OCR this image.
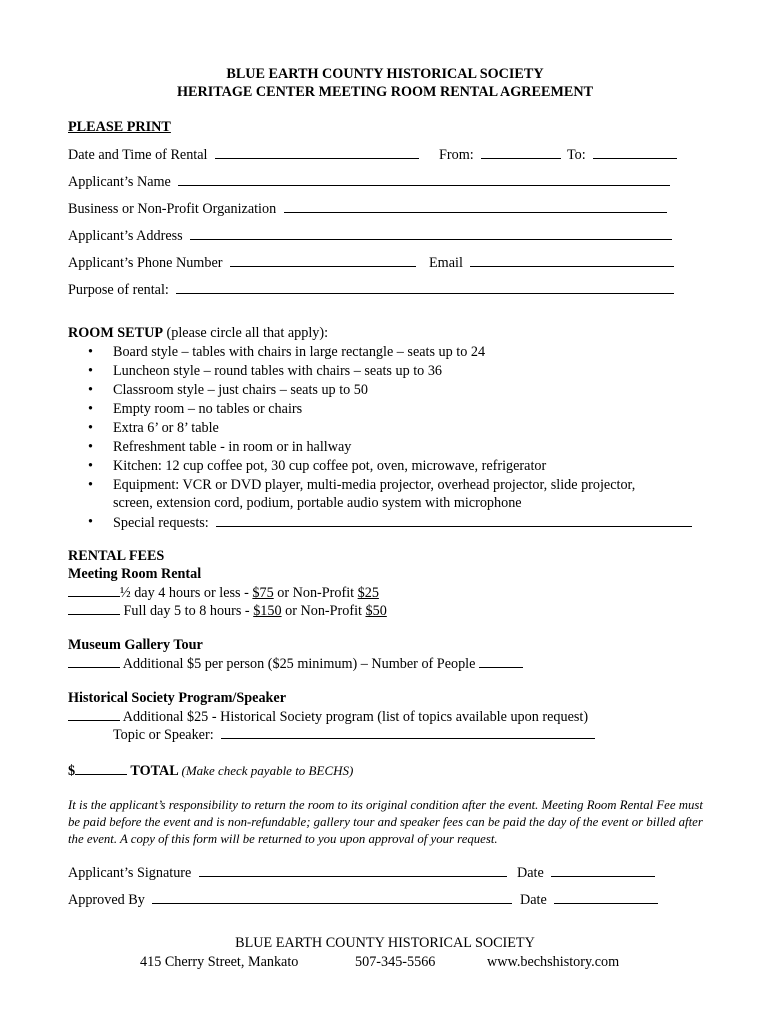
BLUE EARTH COUNTY HISTORICAL SOCIETY
HERITAGE CENTER MEETING ROOM RENTAL AGREEMENT
PLEASE PRINT
Date and Time of Rental	From:	To:
Applicant’s Name
Business or Non-Profit Organization
Applicant’s Address
Applicant’s Phone Number	Email
Purpose of rental:
ROOM SETUP (please circle all that apply):
• Board style – tables with chairs in large rectangle – seats up to 24
• Luncheon style – round tables with chairs – seats up to 36
• Classroom style – just chairs – seats up to 50
• Empty room – no tables or chairs
• Extra 6’ or 8’ table
• Refreshment table - in room or in hallway
• Kitchen: 12 cup coffee pot, 30 cup coffee pot, oven, microwave, refrigerator
• Equipment: VCR or DVD player, multi-media projector, overhead projector, slide projector,
screen, extension cord, podium, portable audio system with microphone
• Special requests:
RENTAL FEES
Meeting Room Rental
½ day 4 hours or less - $75 or Non-Profit $25
Full day 5 to 8 hours - $150 or Non-Profit $50
Museum Gallery Tour
Additional $5 per person ($25 minimum) – Number of People
Historical Society Program/Speaker
Additional $25 - Historical Society program (list of topics available upon request)
Topic or Speaker:
$	TOTAL (Make check payable to BECHS)
It is the applicant’s responsibility to return the room to its original condition after the event. Meeting Room Rental Fee must be paid before the event and is non-refundable; gallery tour and speaker fees can be paid the day of the event or billed after the event. A copy of this form will be returned to you upon approval of your request.
Applicant’s Signature	Date
Approved By	Date
BLUE EARTH COUNTY HISTORICAL SOCIETY
415 Cherry Street, Mankato	507-345-5566	www.bechshistory.com
